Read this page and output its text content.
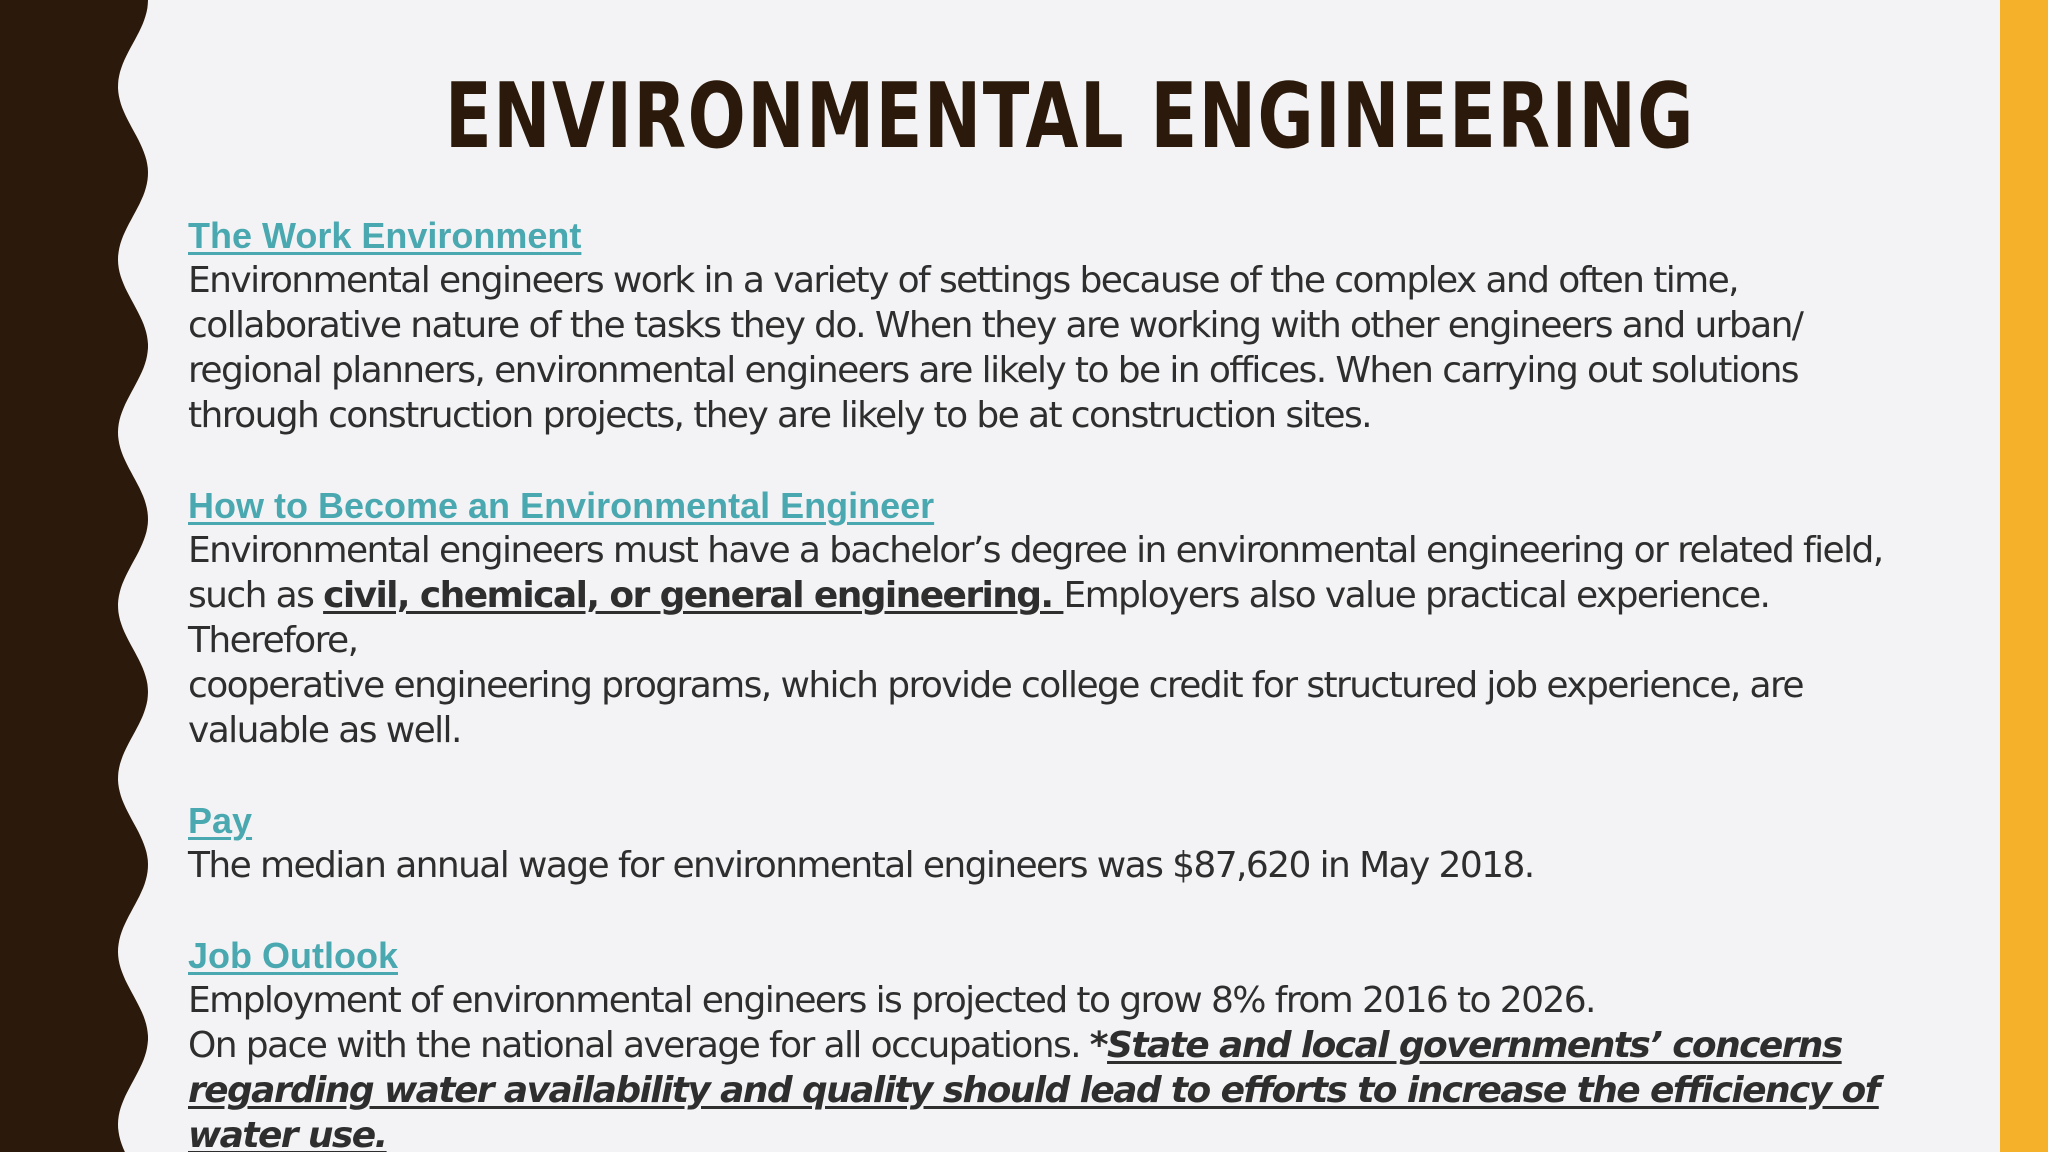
ENVIRONMENTAL ENGINEERING

The Work Environment

Environmental engineers work in a variety of settings because of the complex and often time,

collaborative nature of the tasks they do. When they are working with other engineers and urban/

regional planners, environmental engineers are likely to be in offices. When carrying out solutions

through construction projects, they are likely to be at construction sites.

How to Become an Environmental Engineer

Environmental engineers must have a bachelor’s degree in environmental engineering or related field,

such as civil, chemical, or general engineering. Employers also value practical experience. Therefore,

cooperative engineering programs, which provide college credit for structured job experience, are

valuable as well.

Pay

The median annual wage for environmental engineers was $87,620 in May 2018.

Job Outlook

Employment of environmental engineers is projected to grow 8% from 2016 to 2026.

On pace with the national average for all occupations. *State and local governments’ concerns

regarding water availability and quality should lead to efforts to increase the efficiency of

water use.
